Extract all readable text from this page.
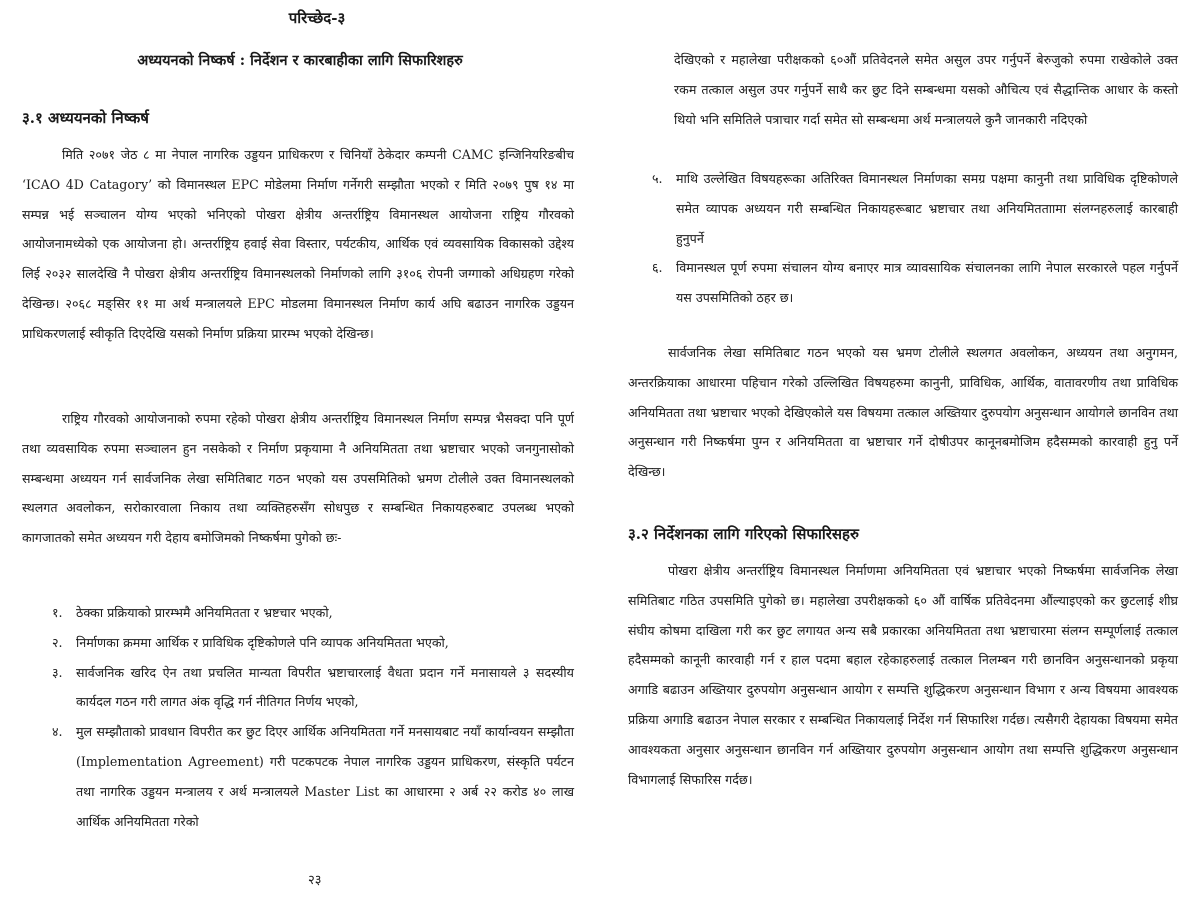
परिच्छेद-३
अध्ययनको निष्कर्ष : निर्देशन र कारबाहीका लागि सिफारिशहरु
३.१ अध्ययनको निष्कर्ष

मिति २०७१ जेठ ८ मा नेपाल नागरिक उड्डयन प्राधिकरण र चिनियाँ ठेकेदार कम्पनी CAMC इन्जिनियरिङबीच ‘ICAO 4D Catagory’ को विमानस्थल EPC मोडेलमा निर्माण गर्नेगरी सम्झौता भएको र मिति २०७९ पुष १४ मा सम्पन्न भई सञ्चालन योग्य भएको भनिएको पोखरा क्षेत्रीय अन्तर्राष्ट्रिय विमानस्थल आयोजना राष्ट्रिय गौरवको आयोजनामध्येको एक आयोजना हो। अन्तर्राष्ट्रिय हवाई सेवा विस्तार, पर्यटकीय, आर्थिक एवं व्यवसायिक विकासको उद्देश्य लिई २०३२ सालदेखि नै पोखरा क्षेत्रीय अन्तर्राष्ट्रिय विमानस्थलको निर्माणको लागि ३१०६ रोपनी जग्गाको अधिग्रहण गरेको देखिन्छ। २०६८ मङ्सिर ११ मा अर्थ मन्त्रालयले EPC मोडलमा विमानस्थल निर्माण कार्य अघि बढाउन नागरिक उड्डयन प्राधिकरणलाई स्वीकृति दिएदेखि यसको निर्माण प्रक्रिया प्रारम्भ भएको देखिन्छ।

राष्ट्रिय गौरवको आयोजनाको रुपमा रहेको पोखरा क्षेत्रीय अन्तर्राष्ट्रिय विमानस्थल निर्माण सम्पन्न भैसक्दा पनि पूर्ण तथा व्यवसायिक रुपमा सञ्चालन हुन नसकेको र निर्माण प्रकृयामा नै अनियमितता तथा भ्रष्टाचार भएको जनगुनासोको सम्बन्धमा अध्ययन गर्न सार्वजनिक लेखा समितिबाट गठन भएको यस उपसमितिको भ्रमण टोलीले उक्त विमानस्थलको स्थलगत अवलोकन, सरोकारवाला निकाय तथा व्यक्तिहरुसँग सोधपुछ र सम्बन्धित निकायहरुबाट उपलब्ध भएको कागजातको समेत अध्ययन गरी देहाय बमोजिमको निष्कर्षमा पुगेको छः-

१. ठेक्का प्रक्रियाको प्रारम्भमै अनियमितता र भ्रष्टचार भएको,
२. निर्माणका क्रममा आर्थिक र प्राविधिक दृष्टिकोणले पनि व्यापक अनियमितता भएको,
३. सार्वजनिक खरिद ऐन तथा प्रचलित मान्यता विपरीत भ्रष्टाचारलाई वैधता प्रदान गर्ने मनासायले ३ सदस्यीय कार्यदल गठन गरी लागत अंक वृद्धि गर्न नीतिगत निर्णय भएको,
४. मुल सम्झौताको प्रावधान विपरीत कर छुट दिएर आर्थिक अनियमितता गर्ने मनसायबाट नयाँ कार्यान्वयन सम्झौता (Implementation Agreement) गरी पटकपटक नेपाल नागरिक उड्डयन प्राधिकरण, संस्कृति पर्यटन तथा नागरिक उड्डयन मन्त्रालय र अर्थ मन्त्रालयले Master List का आधारमा २ अर्ब २२ करोड ४० लाख आर्थिक अनियमितता गरेको
२३

देखिएको र महालेखा परीक्षकको ६०औं प्रतिवेदनले समेत असुल उपर गर्नुपर्ने बेरुजुको रुपमा राखेकोले उक्त रकम तत्काल असुल उपर गर्नुपर्ने साथै कर छुट दिने सम्बन्धमा यसको औचित्य एवं सैद्धान्तिक आधार के कस्तो थियो भनि समितिले पत्राचार गर्दा समेत सो सम्बन्धमा अर्थ मन्त्रालयले कुनै जानकारी नदिएको

५. माथि उल्लेखित विषयहरूका अतिरिक्त विमानस्थल निर्माणका समग्र पक्षमा कानुनी तथा प्राविधिक दृष्टिकोणले समेत व्यापक अध्ययन गरी सम्बन्धित निकायहरूबाट भ्रष्टाचार तथा अनियमितताामा संलग्नहरुलाई कारबाही हुनुपर्ने
६. विमानस्थल पूर्ण रुपमा संचालन योग्य बनाएर मात्र व्यावसायिक संचालनका लागि नेपाल सरकारले पहल गर्नुपर्ने यस उपसमितिको ठहर छ।

सार्वजनिक लेखा समितिबाट गठन भएको यस भ्रमण टोलीले स्थलगत अवलोकन, अध्ययन तथा अनुगमन, अन्तरक्रियाका आधारमा पहिचान गरेको उल्लिखित विषयहरुमा कानुनी, प्राविधिक, आर्थिक, वातावरणीय तथा प्राविधिक अनियमितता तथा भ्रष्टाचार भएको देखिएकोले यस विषयमा तत्काल अख्तियार दुरुपयोग अनुसन्धान आयोगले छानविन तथा अनुसन्धान गरी निष्कर्षमा पुग्न र अनियमितता वा भ्रष्टाचार गर्ने दोषीउपर कानूनबमोजिम हदैसम्मको कारवाही हुनु पर्ने देखिन्छ।

३.२ निर्देशनका लागि गरिएको सिफारिसहरु

पोखरा क्षेत्रीय अन्तर्राष्ट्रिय विमानस्थल निर्माणमा अनियमितता एवं भ्रष्टाचार भएको निष्कर्षमा सार्वजनिक लेखा समितिबाट गठित उपसमिति पुगेको छ। महालेखा उपरीक्षकको ६० औं वार्षिक प्रतिवेदनमा औंल्याइएको कर छुटलाई शीघ्र संघीय कोषमा दाखिला गरी कर छुट लगायत अन्य सबै प्रकारका अनियमितता तथा भ्रष्टाचारमा संलग्न सम्पूर्णलाई तत्काल हदैसम्मको कानूनी कारवाही गर्न र हाल पदमा बहाल रहेकाहरुलाई तत्काल निलम्बन गरी छानविन अनुसन्धानको प्रकृया अगाडि बढाउन अख्तियार दुरुपयोग अनुसन्धान आयोग र सम्पत्ति शुद्धिकरण अनुसन्धान विभाग र अन्य विषयमा आवश्यक प्रक्रिया अगाडि बढाउन नेपाल सरकार र सम्बन्धित निकायलाई निर्देश गर्न सिफारिश गर्दछ। त्यसैगरी देहायका विषयमा समेत आवश्यकता अनुसार अनुसन्धान छानविन गर्न अख्तियार दुरुपयोग अनुसन्धान आयोग तथा सम्पत्ति शुद्धिकरण अनुसन्धान विभागलाई सिफारिस गर्दछ।
